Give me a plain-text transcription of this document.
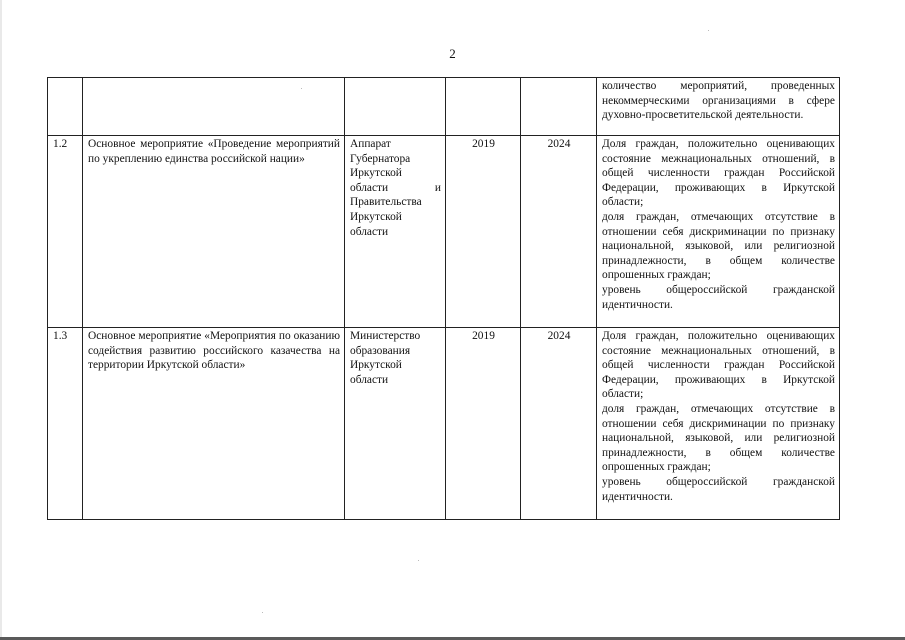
2

					количество мероприятий, проведенных некоммерческими организациями в сфере духовно-просветительской деятельности.

1.2	Основное мероприятие «Проведение мероприятий по укреплению единства российской нации»	Аппарат Губернатора Иркутской области и Правительства Иркутской области	2019	2024	Доля граждан, положительно оценивающих состояние межнациональных отношений, в общей численности граждан Российской Федерации, проживающих в Иркутской области;
доля граждан, отмечающих отсутствие в отношении себя дискриминации по признаку национальной, языковой, или религиозной принадлежности, в общем количестве опрошенных граждан;
уровень общероссийской гражданской идентичности.

1.3	Основное мероприятие «Мероприятия по оказанию содействия развитию российского казачества на территории Иркутской области»	Министерство образования Иркутской области	2019	2024	Доля граждан, положительно оценивающих состояние межнациональных отношений, в общей численности граждан Российской Федерации, проживающих в Иркутской области;
доля граждан, отмечающих отсутствие в отношении себя дискриминации по признаку национальной, языковой, или религиозной принадлежности, в общем количестве опрошенных граждан;
уровень общероссийской гражданской идентичности.
